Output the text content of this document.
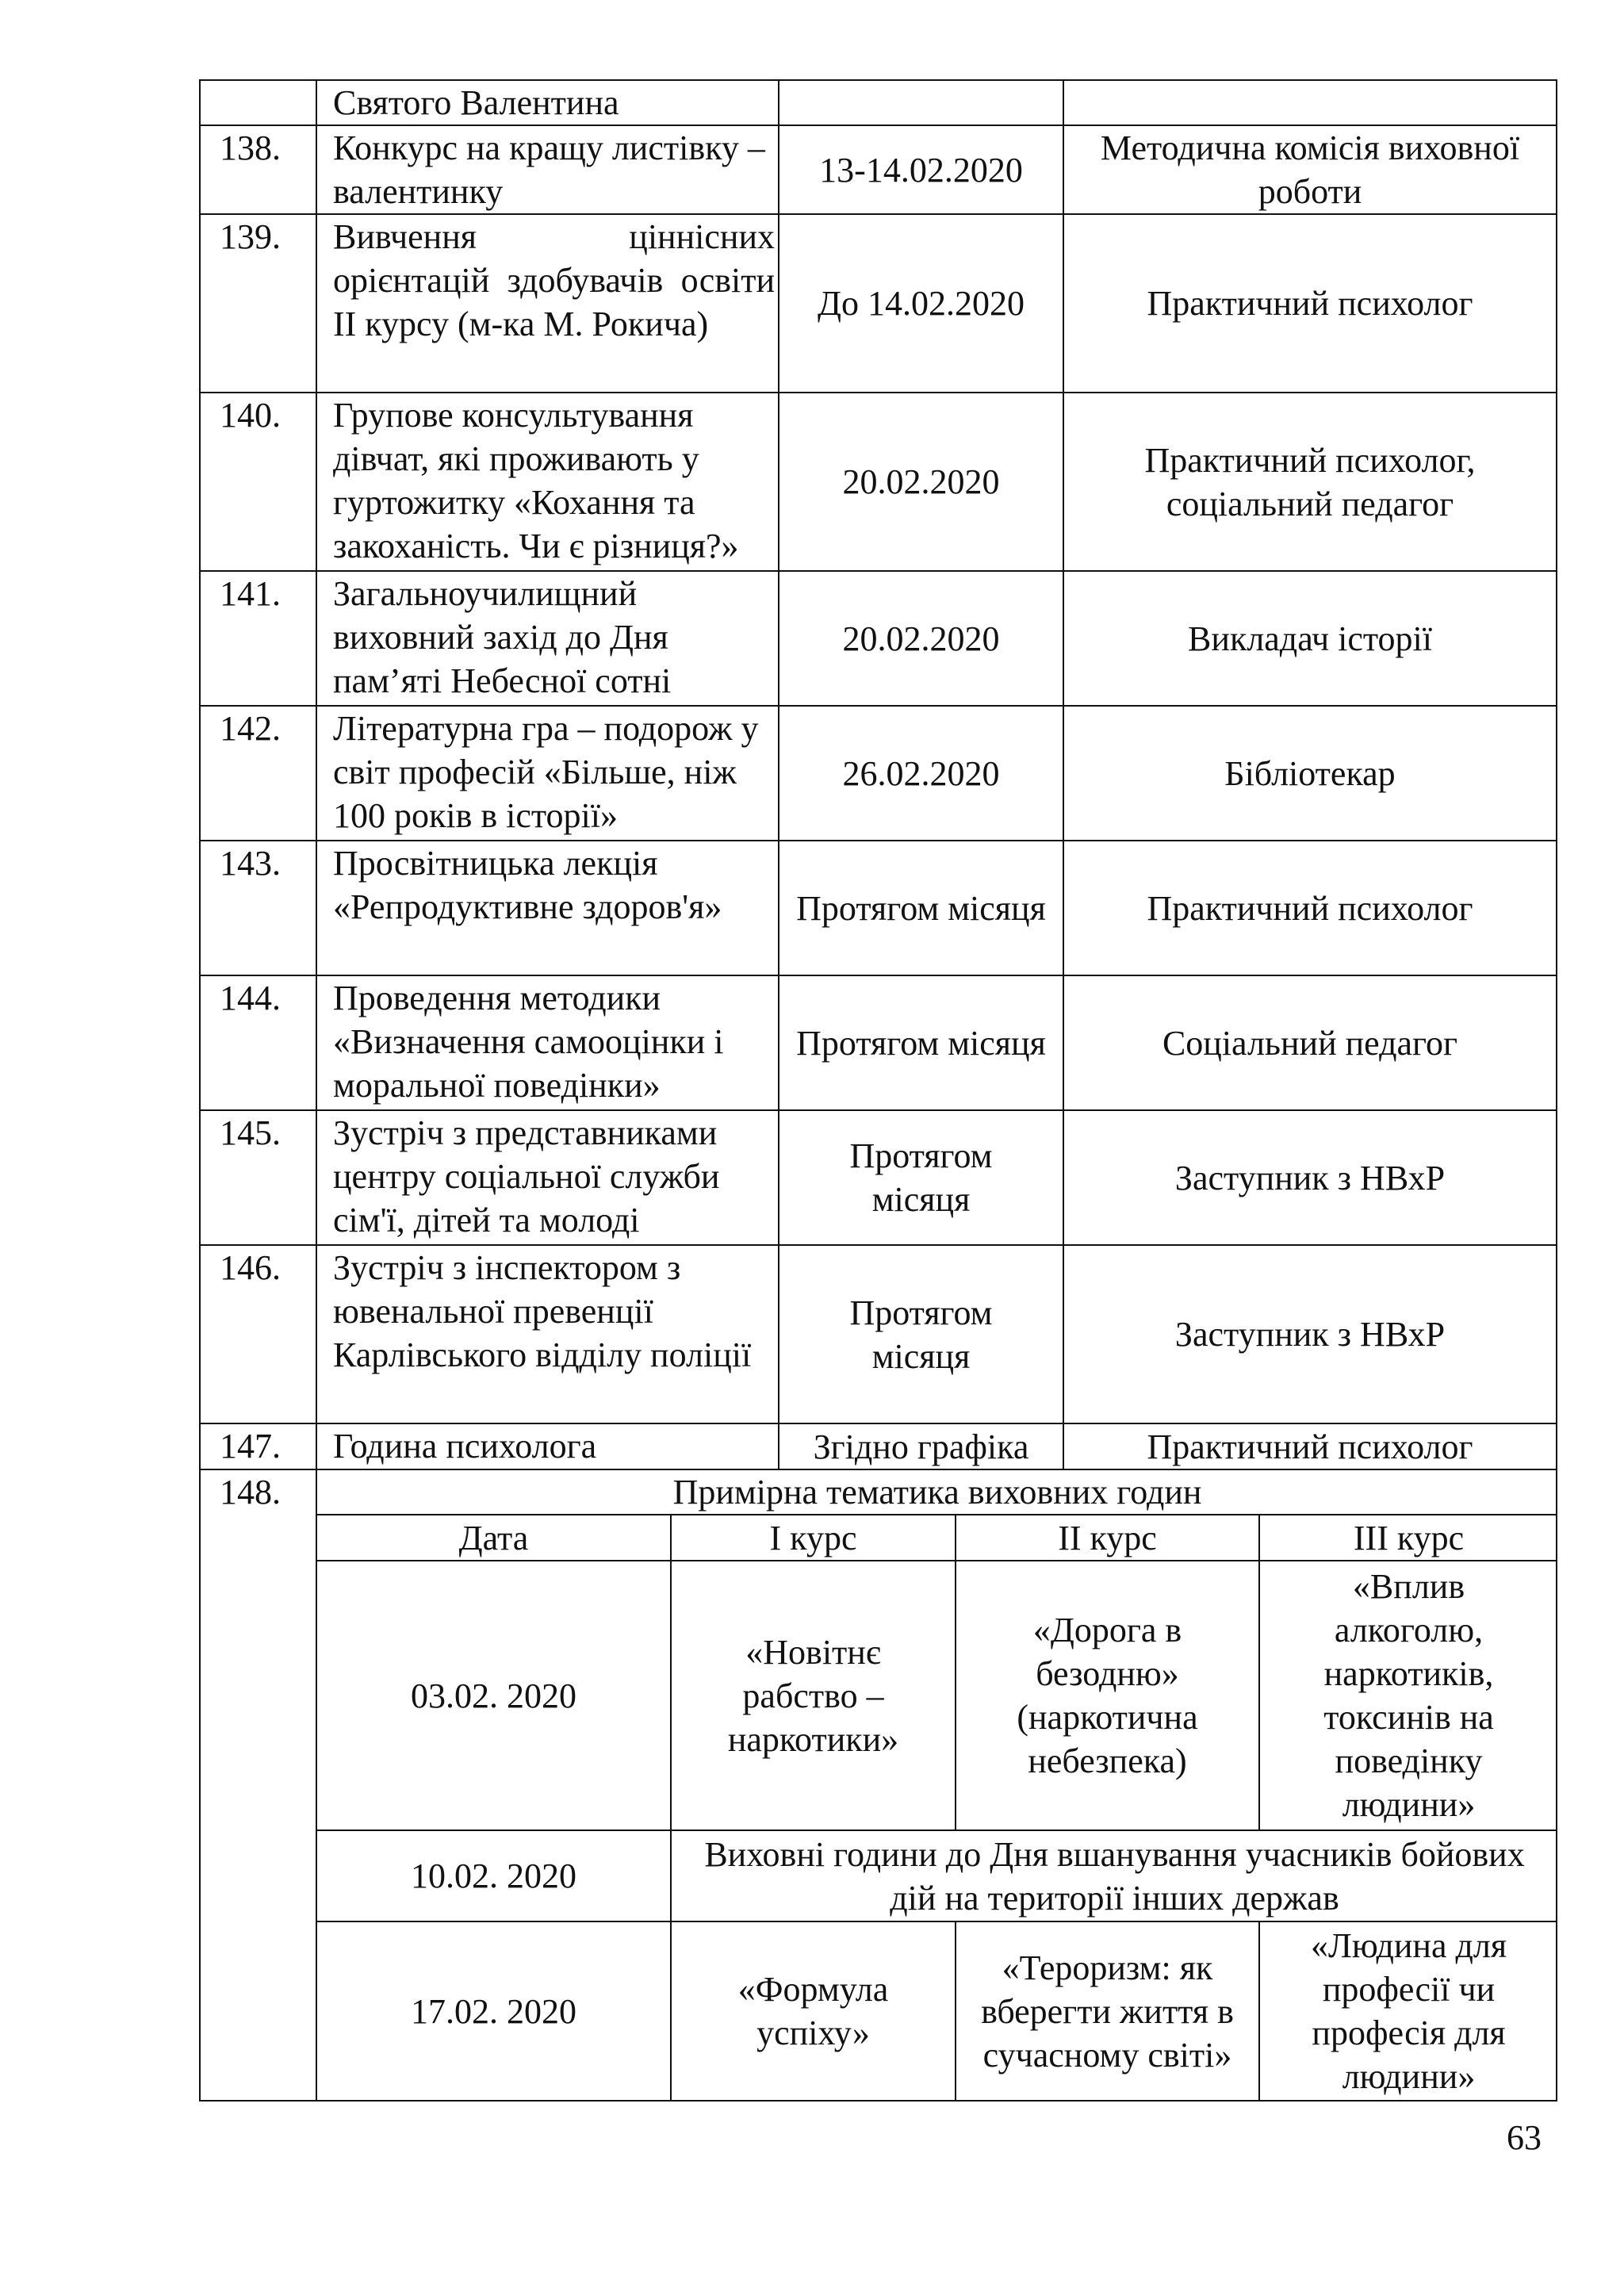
	Святого Валентина		
138.	Конкурс на кращу листівку – валентинку	13-14.02.2020	Методична комісія виховної роботи
139.	Вивчення ціннісних орієнтацій здобувачів освіти ІІ курсу (м-ка М. Рокича)	До 14.02.2020	Практичний психолог
140.	Групове консультування дівчат, які проживають у гуртожитку «Кохання та закоханість. Чи є різниця?»	20.02.2020	Практичний психолог, соціальний педагог
141.	Загальноучилищний виховний захід до Дня пам’яті Небесної сотні	20.02.2020	Викладач історії
142.	Літературна гра – подорож у світ професій «Більше, ніж 100 років в історії»	26.02.2020	Бібліотекар
143.	Просвітницька лекція «Репродуктивне здоров'я»	Протягом місяця	Практичний психолог
144.	Проведення методики «Визначення самооцінки і моральної поведінки»	Протягом місяця	Соціальний педагог
145.	Зустріч з представниками центру соціальної служби сім'ї, дітей та молоді	Протягом місяця	Заступник з НВхР
146.	Зустріч з інспектором з ювенальної превенції Карлівського відділу поліції	Протягом місяця	Заступник з НВхР
147.	Година психолога	Згідно графіка	Практичний психолог
148.		Примірна тематика виховних годин
Дата	І курс	ІІ курс	ІІІ курс
03.02. 2020	«Новітнє рабство – наркотики»	«Дорога в безодню» (наркотична небезпека)	«Вплив алкоголю, наркотиків, токсинів на поведінку людини»
10.02. 2020	Виховні години до Дня вшанування учасників бойових дій на території інших держав
17.02. 2020	«Формула успіху»	«Тероризм: як вберегти життя в сучасному світі»	«Людина для професії чи професія для людини»
63
